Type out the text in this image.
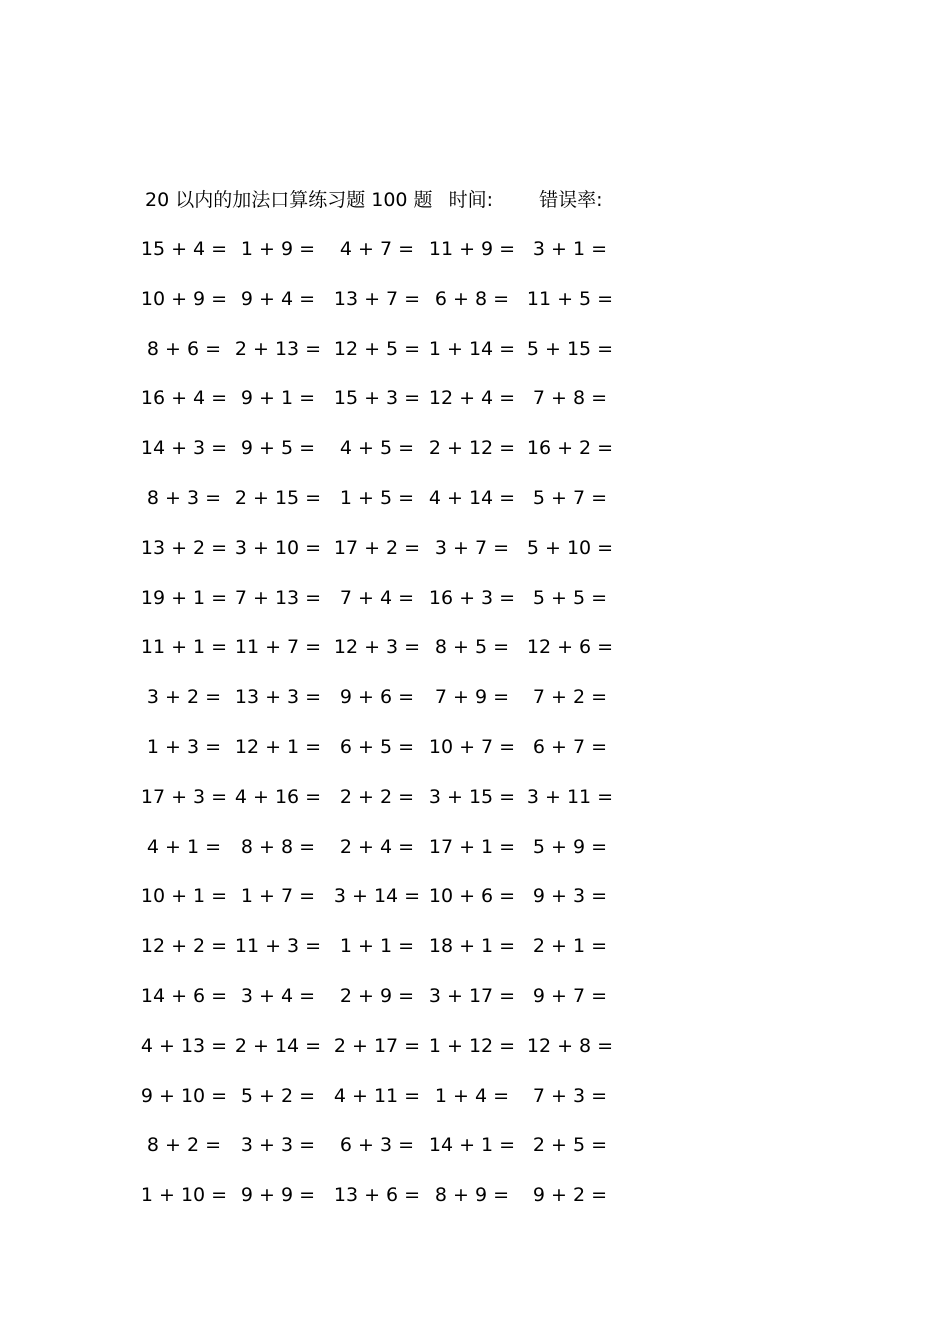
20 以内的加法口算练习题 100 题 时间: 错误率:
15 + 4 = 1 + 9 = 4 + 7 = 11 + 9 = 3 + 1 =
10 + 9 = 9 + 4 = 13 + 7 = 6 + 8 = 11 + 5 =
8 + 6 = 2 + 13 = 12 + 5 = 1 + 14 = 5 + 15 =
16 + 4 = 9 + 1 = 15 + 3 = 12 + 4 = 7 + 8 =
14 + 3 = 9 + 5 = 4 + 5 = 2 + 12 = 16 + 2 =
8 + 3 = 2 + 15 = 1 + 5 = 4 + 14 = 5 + 7 =
13 + 2 = 3 + 10 = 17 + 2 = 3 + 7 = 5 + 10 =
19 + 1 = 7 + 13 = 7 + 4 = 16 + 3 = 5 + 5 =
11 + 1 = 11 + 7 = 12 + 3 = 8 + 5 = 12 + 6 =
3 + 2 = 13 + 3 = 9 + 6 = 7 + 9 = 7 + 2 =
1 + 3 = 12 + 1 = 6 + 5 = 10 + 7 = 6 + 7 =
17 + 3 = 4 + 16 = 2 + 2 = 3 + 15 = 3 + 11 =
4 + 1 = 8 + 8 = 2 + 4 = 17 + 1 = 5 + 9 =
10 + 1 = 1 + 7 = 3 + 14 = 10 + 6 = 9 + 3 =
12 + 2 = 11 + 3 = 1 + 1 = 18 + 1 = 2 + 1 =
14 + 6 = 3 + 4 = 2 + 9 = 3 + 17 = 9 + 7 =
4 + 13 = 2 + 14 = 2 + 17 = 1 + 12 = 12 + 8 =
9 + 10 = 5 + 2 = 4 + 11 = 1 + 4 = 7 + 3 =
8 + 2 = 3 + 3 = 6 + 3 = 14 + 1 = 2 + 5 =
1 + 10 = 9 + 9 = 13 + 6 = 8 + 9 = 9 + 2 =
